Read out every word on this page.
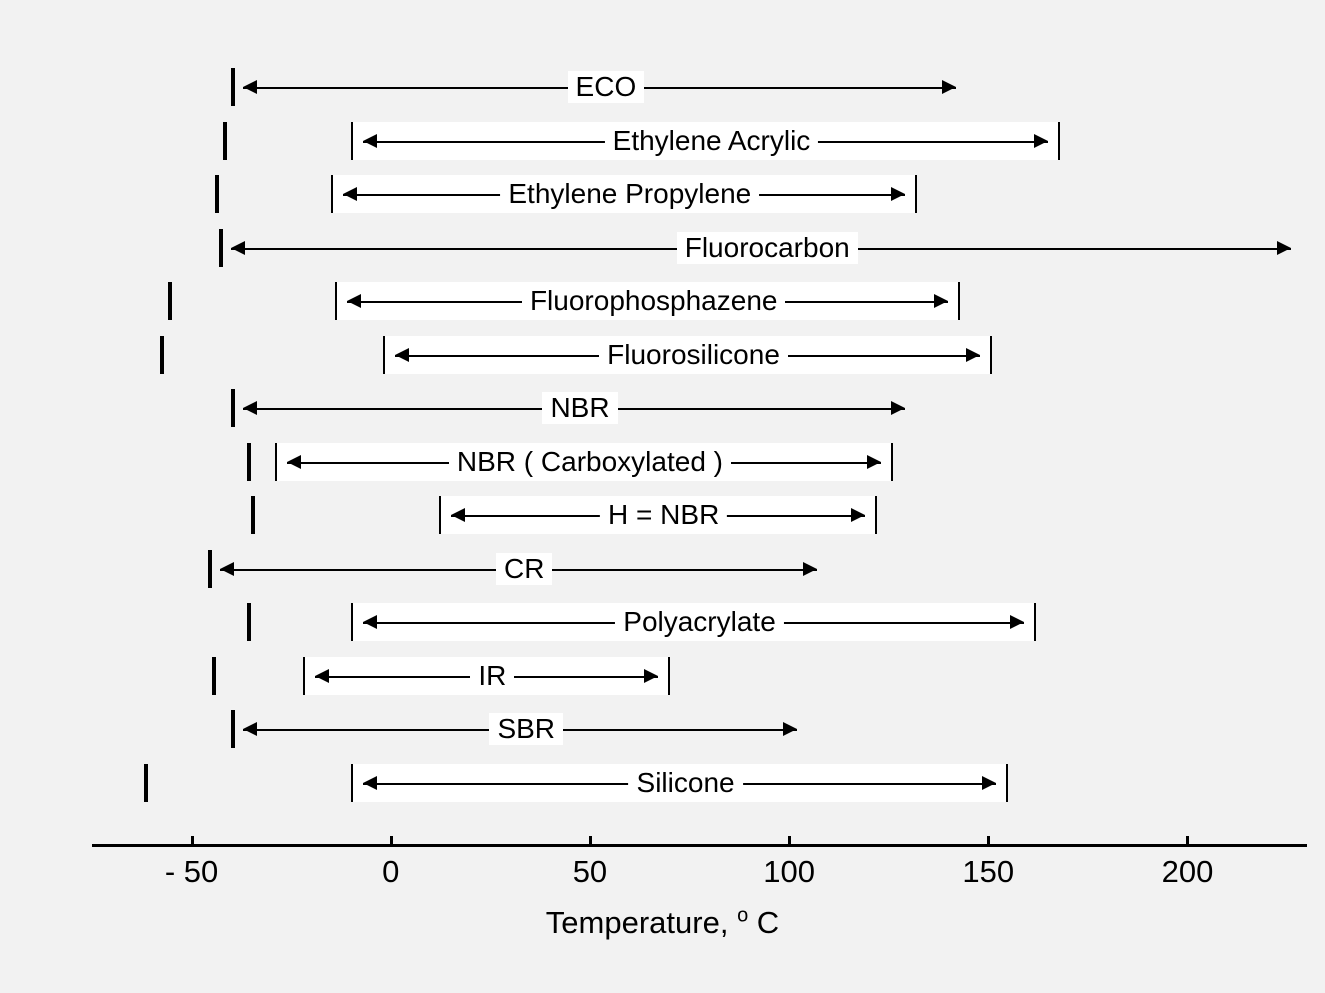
ECO
Ethylene Acrylic
Ethylene Propylene
Fluorocarbon
Fluorophosphazene
Fluorosilicone
NBR
NBR ( Carboxylated )
H = NBR
CR
Polyacrylate
IR
SBR
Silicone
- 50	0	50	100	150	200
Temperature, $^o$ C
